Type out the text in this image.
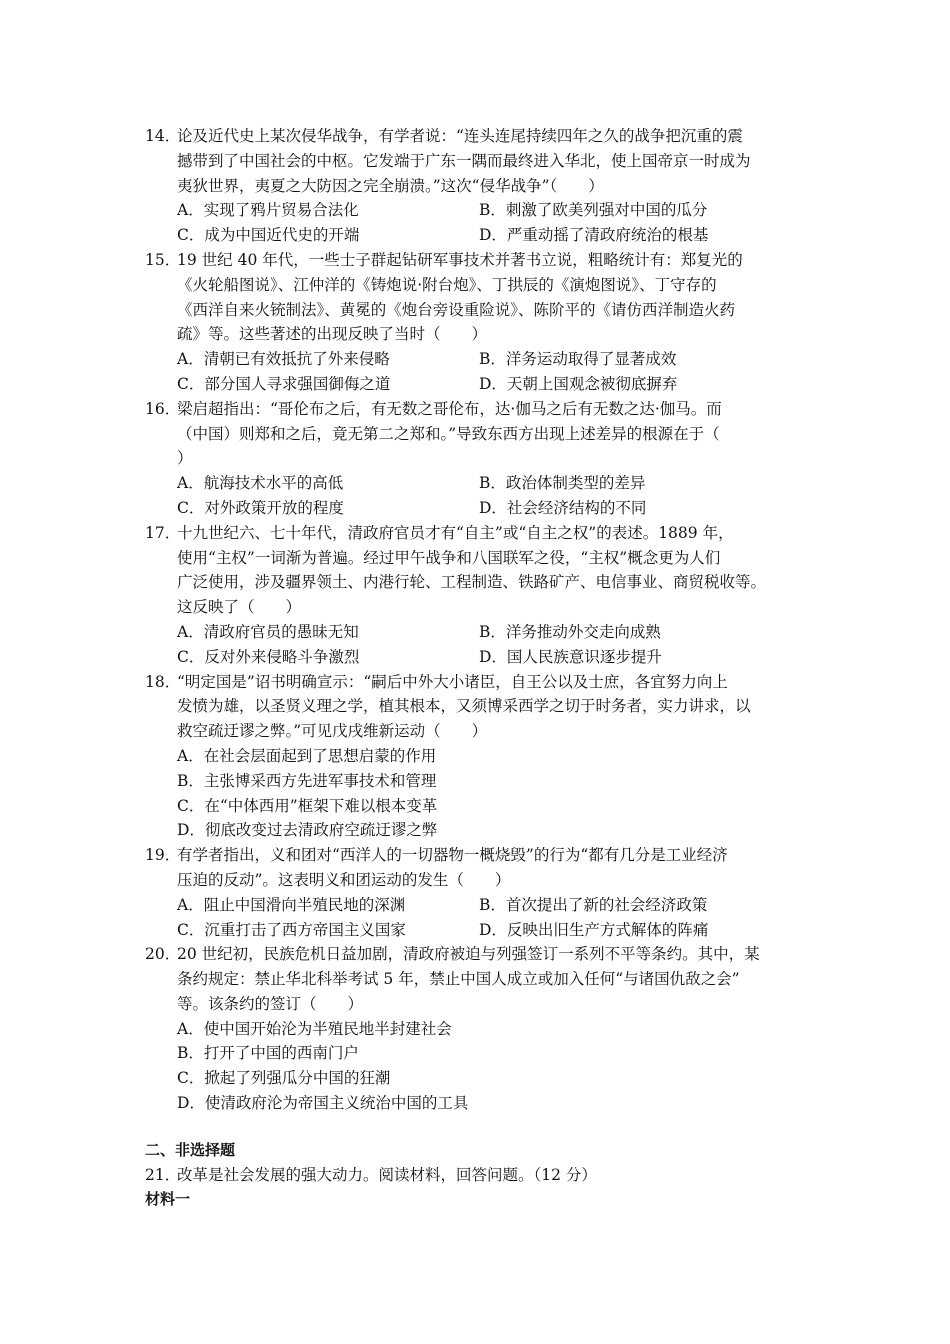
14．
论及近代史上某次侵华战争，有学者说：“连头连尾持续四年之久的战争把沉重的震
撼带到了中国社会的中枢。它发端于广东一隅而最终进入华北，使上国帝京一时成为
夷狄世界，夷夏之大防因之完全崩溃。”这次“侵华战争”（　　）
A．实现了鸦片贸易合法化	B．刺激了欧美列强对中国的瓜分
C．成为中国近代史的开端	D．严重动摇了清政府统治的根基
15．
19 世纪 40 年代，一些士子群起钻研军事技术并著书立说，粗略统计有：郑复光的
《火轮船图说》、江仲洋的《铸炮说·附台炮》、丁拱辰的《演炮图说》、丁守存的
《西洋自来火铳制法》、黄冕的《炮台旁设重险说》、陈阶平的《请仿西洋制造火药
疏》等。这些著述的出现反映了当时（　　）
A．清朝已有效抵抗了外来侵略	B．洋务运动取得了显著成效
C．部分国人寻求强国御侮之道	D．天朝上国观念被彻底摒弃
16．
梁启超指出：“哥伦布之后，有无数之哥伦布，达·伽马之后有无数之达·伽马。而
（中国）则郑和之后，竟无第二之郑和。”导致东西方出现上述差异的根源在于（
）
A．航海技术水平的高低	B．政治体制类型的差异
C．对外政策开放的程度	D．社会经济结构的不同
17．
十九世纪六、七十年代，清政府官员才有“自主”或“自主之权”的表述。1889 年，
使用“主权”一词渐为普遍。经过甲午战争和八国联军之役，“主权”概念更为人们
广泛使用，涉及疆界领土、内港行轮、工程制造、铁路矿产、电信事业、商贸税收等。
这反映了（　　）
A．清政府官员的愚昧无知	B．洋务推动外交走向成熟
C．反对外来侵略斗争激烈	D．国人民族意识逐步提升
18．
“明定国是”诏书明确宣示：“嗣后中外大小诸臣，自王公以及士庶，各宜努力向上
发愤为雄，以圣贤义理之学，植其根本，又须博采西学之切于时务者，实力讲求，以
救空疏迂谬之弊。”可见戊戌维新运动（　　）
A．在社会层面起到了思想启蒙的作用
B．主张博采西方先进军事技术和管理
C．在“中体西用”框架下难以根本变革
D．彻底改变过去清政府空疏迂谬之弊
19．
有学者指出，义和团对“西洋人的一切器物一概烧毁”的行为“都有几分是工业经济
压迫的反动”。这表明义和团运动的发生（　　）
A．阻止中国滑向半殖民地的深渊	B．首次提出了新的社会经济政策
C．沉重打击了西方帝国主义国家	D．反映出旧生产方式解体的阵痛
20．
20 世纪初，民族危机日益加剧，清政府被迫与列强签订一系列不平等条约。其中，某
条约规定：禁止华北科举考试 5 年，禁止中国人成立或加入任何“与诸国仇敌之会”
等。该条约的签订（　　）
A．使中国开始沦为半殖民地半封建社会
B．打开了中国的西南门户
C．掀起了列强瓜分中国的狂潮
D．使清政府沦为帝国主义统治中国的工具
二、非选择题
21．
改革是社会发展的强大动力。阅读材料，回答问题。（12 分）
材料一
